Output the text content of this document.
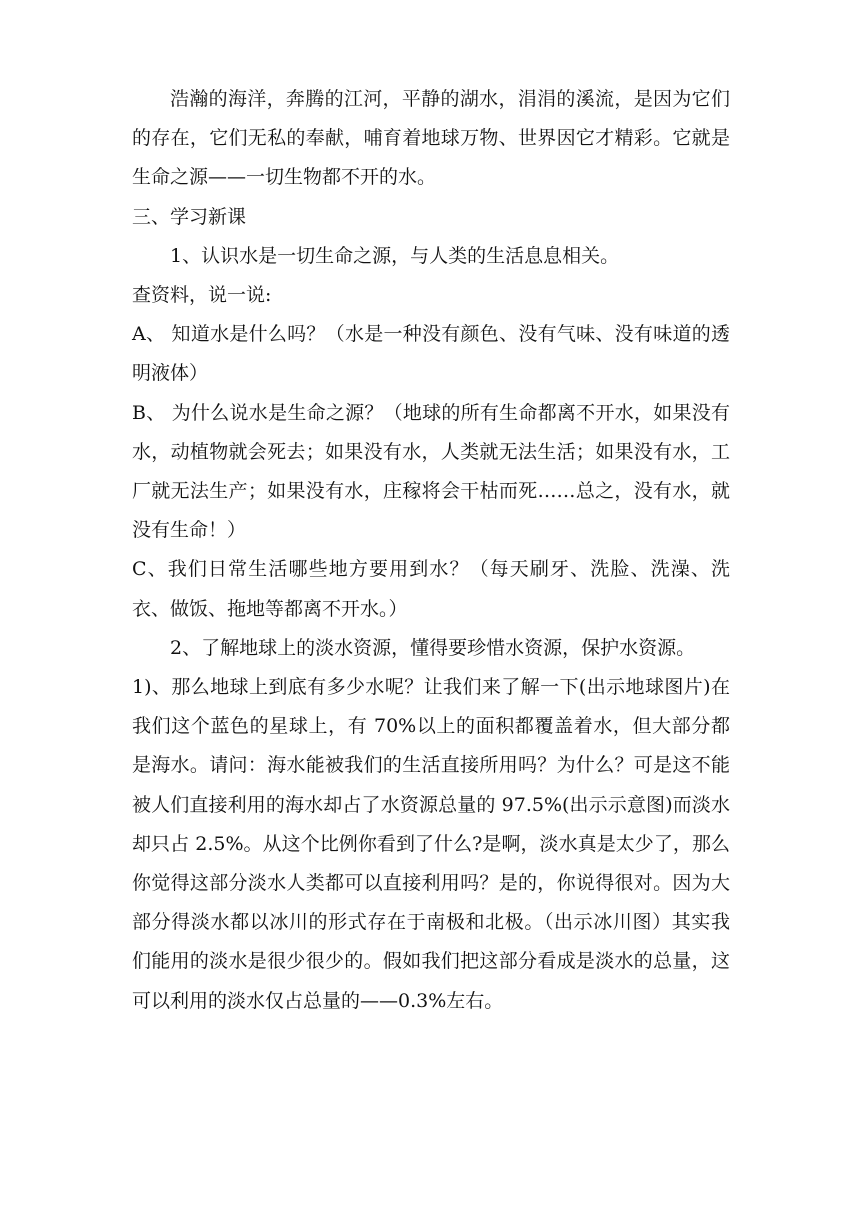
浩瀚的海洋，奔腾的江河，平静的湖水，涓涓的溪流，是因为它们的存在，它们无私的奉献，哺育着地球万物、世界因它才精彩。它就是生命之源——一切生物都不开的水。

三、学习新课

1、认识水是一切生命之源，与人类的生活息息相关。

查资料，说一说:

A、 知道水是什么吗？（水是一种没有颜色、没有气味、没有味道的透明液体）

B、 为什么说水是生命之源？（地球的所有生命都离不开水，如果没有水，动植物就会死去；如果没有水，人类就无法生活；如果没有水，工厂就无法生产；如果没有水，庄稼将会干枯而死……总之，没有水，就没有生命！）

C、我们日常生活哪些地方要用到水？（每天刷牙、洗脸、洗澡、洗衣、做饭、拖地等都离不开水。）

2、了解地球上的淡水资源，懂得要珍惜水资源，保护水资源。

1)、那么地球上到底有多少水呢？让我们来了解一下(出示地球图片)在我们这个蓝色的星球上，有 70%以上的面积都覆盖着水，但大部分都是海水。请问：海水能被我们的生活直接所用吗？为什么？可是这不能被人们直接利用的海水却占了水资源总量的 97.5%(出示示意图)而淡水却只占 2.5%。从这个比例你看到了什么?是啊，淡水真是太少了，那么你觉得这部分淡水人类都可以直接利用吗？是的，你说得很对。因为大部分得淡水都以冰川的形式存在于南极和北极。（出示冰川图）其实我们能用的淡水是很少很少的。假如我们把这部分看成是淡水的总量，这可以利用的淡水仅占总量的——0.3%左右。
